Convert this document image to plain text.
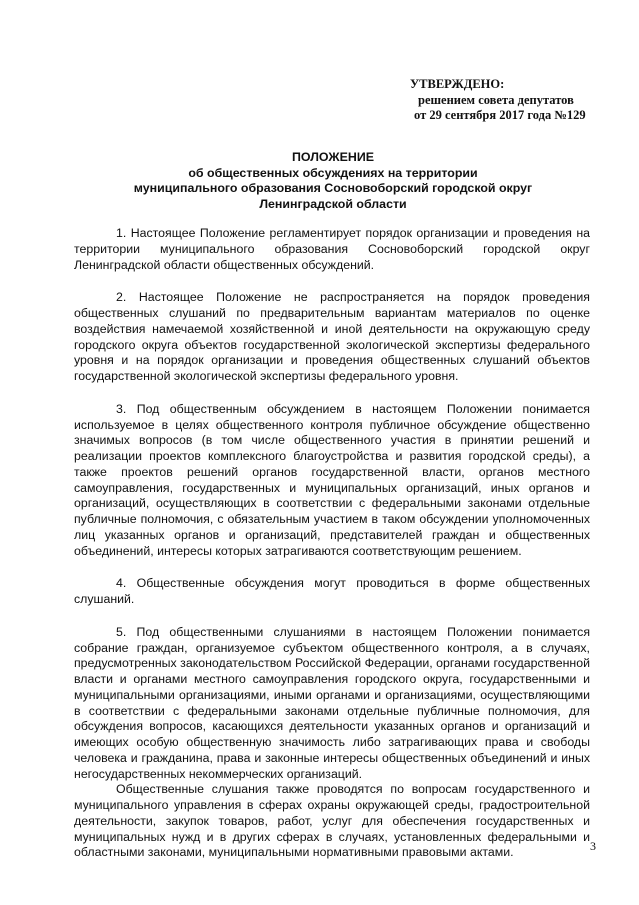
УТВЕРЖДЕНО:
решением совета депутатов
от 29 сентября 2017 года №129
ПОЛОЖЕНИЕ
об общественных обсуждениях на территории
муниципального образования Сосновоборский городской округ
Ленинградской области

1. Настоящее Положение регламентирует порядок организации и проведения на территории муниципального образования Сосновоборский городской округ Ленинградской области общественных обсуждений.

2. Настоящее Положение не распространяется на порядок проведения общественных слушаний по предварительным вариантам материалов по оценке воздействия намечаемой хозяйственной и иной деятельности на окружающую среду городского округа объектов государственной экологической экспертизы федерального уровня и на порядок организации и проведения общественных слушаний объектов государственной экологической экспертизы федерального уровня.

3. Под общественным обсуждением в настоящем Положении понимается используемое в целях общественного контроля публичное обсуждение общественно значимых вопросов (в том числе общественного участия в принятии решений и реализации проектов комплексного благоустройства и развития городской среды), а также проектов решений органов государственной власти, органов местного самоуправления, государственных и муниципальных организаций, иных органов и организаций, осуществляющих в соответствии с федеральными законами отдельные публичные полномочия, с обязательным участием в таком обсуждении уполномоченных лиц указанных органов и организаций, представителей граждан и общественных объединений, интересы которых затрагиваются соответствующим решением.

4. Общественные обсуждения могут проводиться в форме общественных слушаний.

5. Под общественными слушаниями в настоящем Положении понимается собрание граждан, организуемое субъектом общественного контроля, а в случаях, предусмотренных законодательством Российской Федерации, органами государственной власти и органами местного самоуправления городского округа, государственными и муниципальными организациями, иными органами и организациями, осуществляющими в соответствии с федеральными законами отдельные публичные полномочия, для обсуждения вопросов, касающихся деятельности указанных органов и организаций и имеющих особую общественную значимость либо затрагивающих права и свободы человека и гражданина, права и законные интересы общественных объединений и иных негосударственных некоммерческих организаций.

Общественные слушания также проводятся по вопросам государственного и муниципального управления в сферах охраны окружающей среды, градостроительной деятельности, закупок товаров, работ, услуг для обеспечения государственных и муниципальных нужд и в других сферах в случаях, установленных федеральными и областными законами, муниципальными нормативными правовыми актами.	3
